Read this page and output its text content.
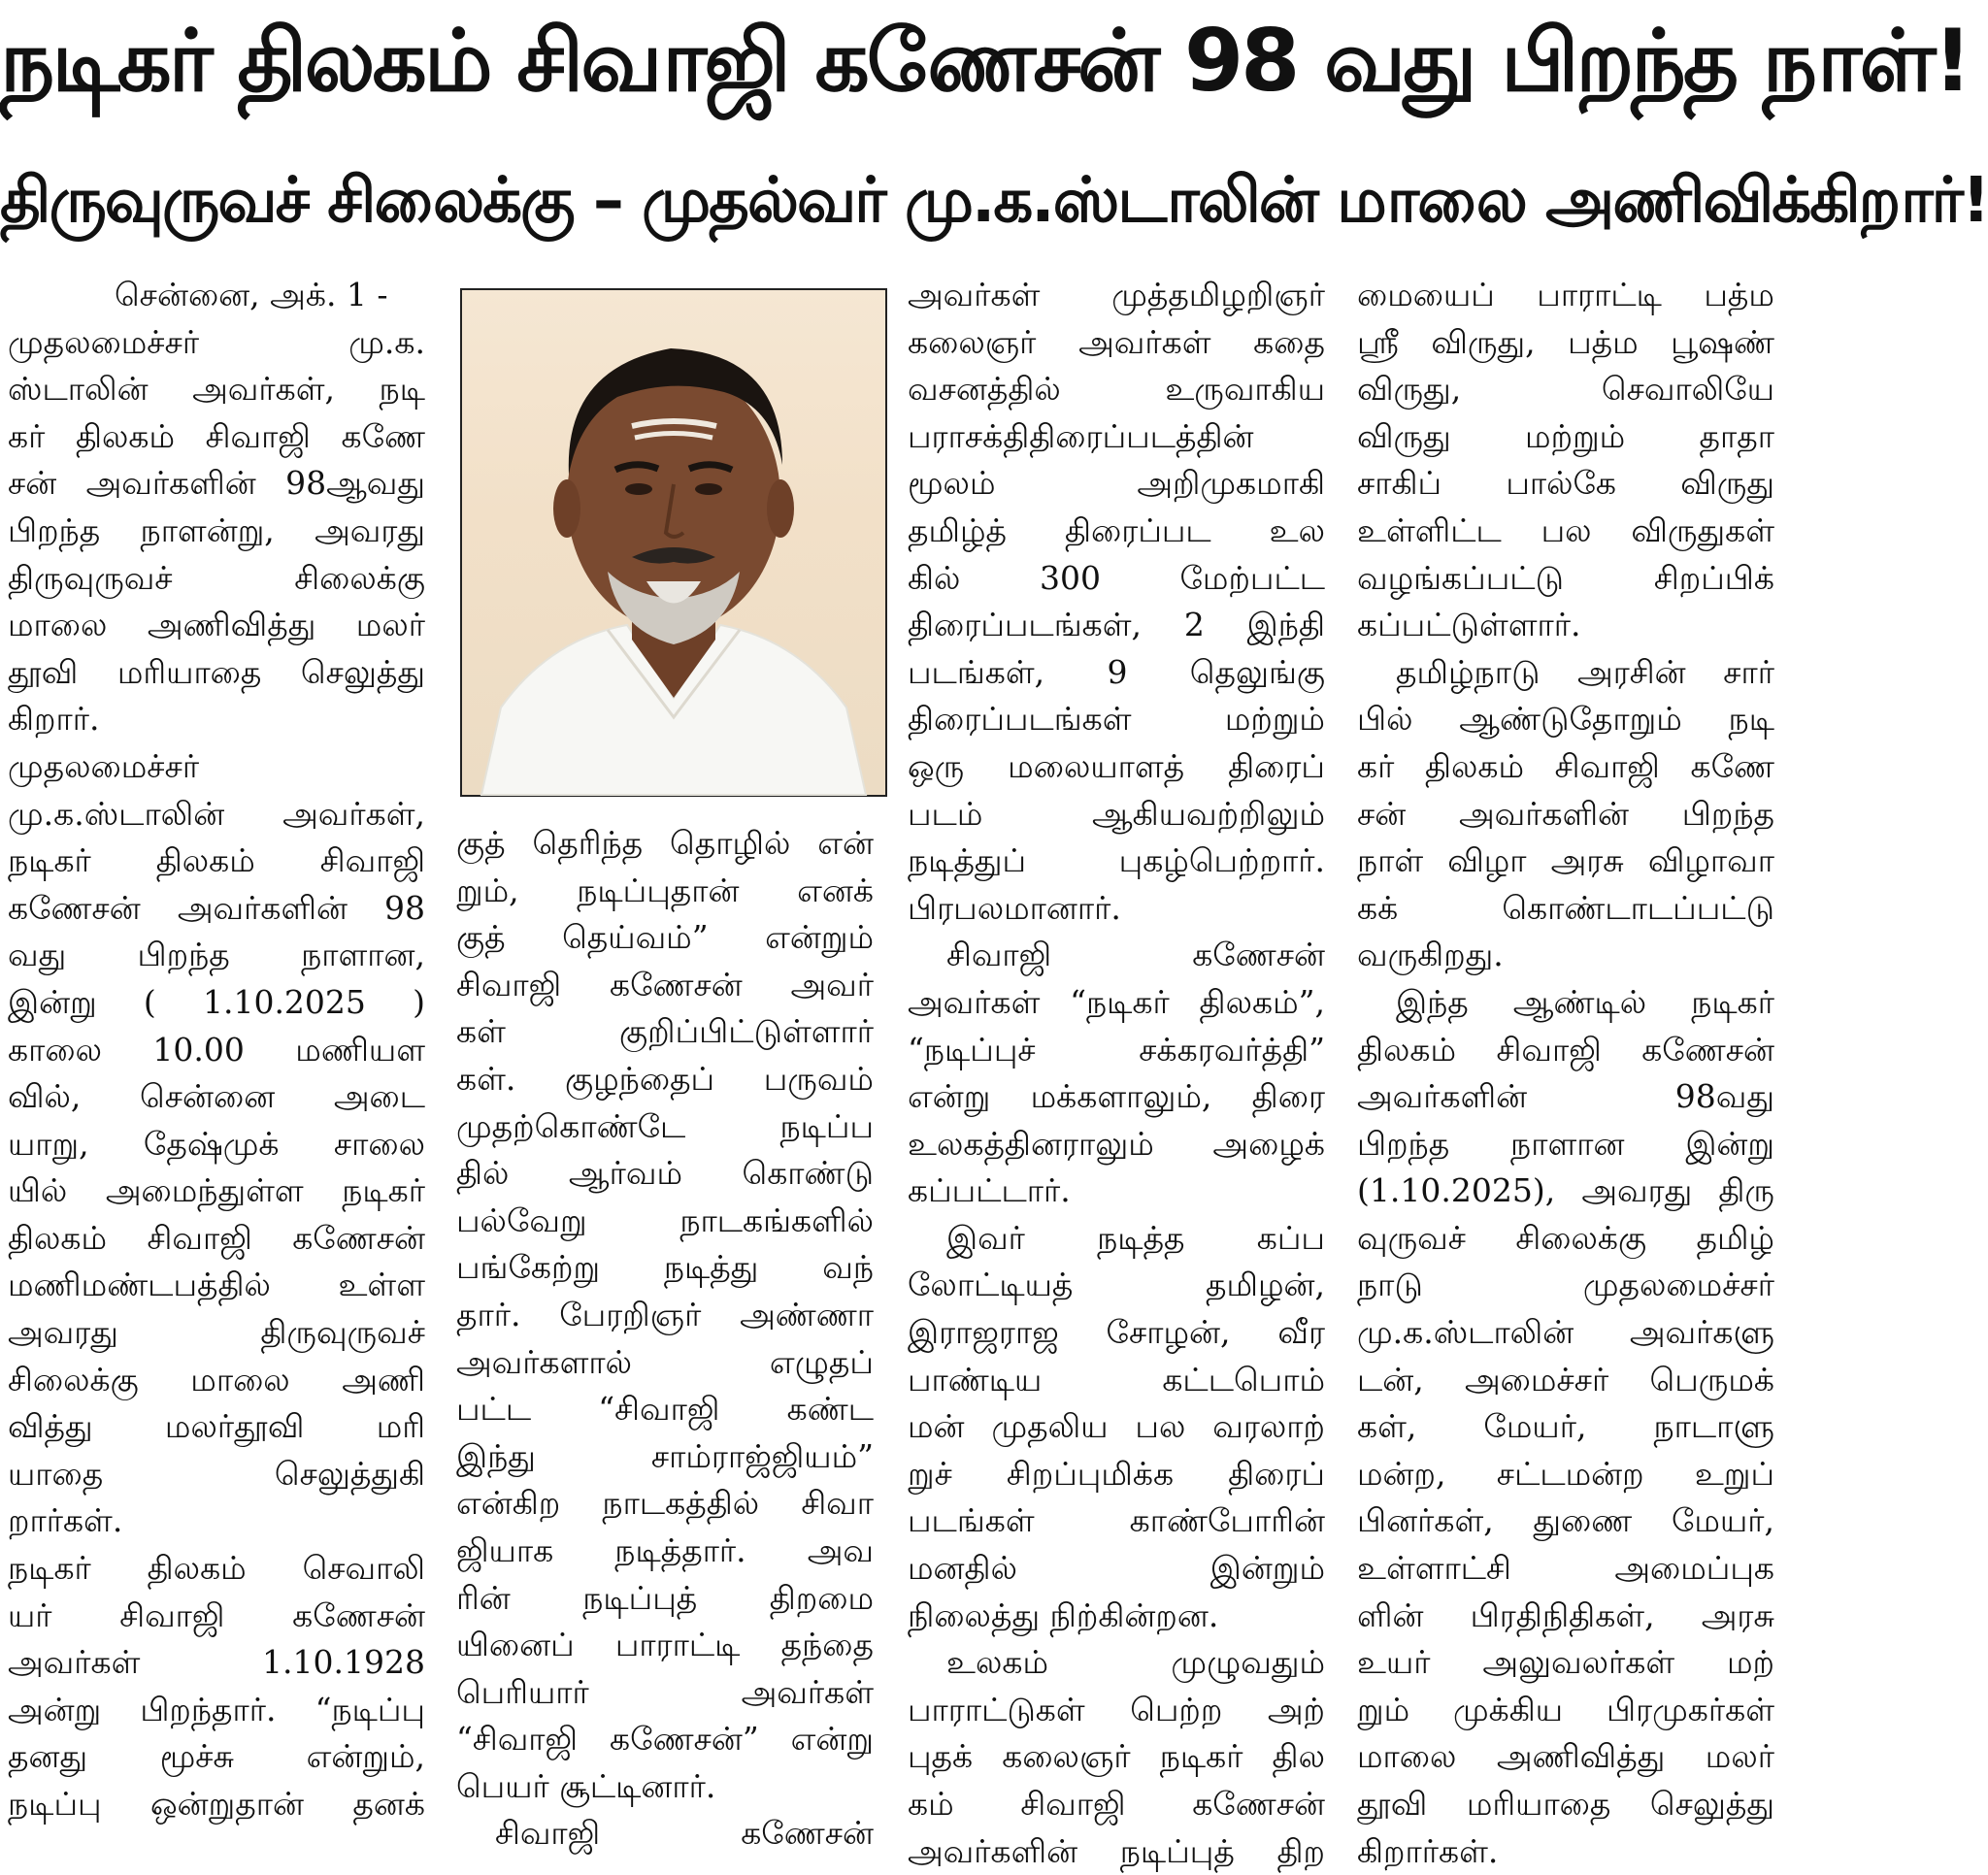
நடிகர் திலகம் சிவாஜி கணேசன் 98 வது பிறந்த நாள்!
திருவுருவச் சிலைக்கு – முதல்வர் மு.க.ஸ்டாலின் மாலை அணிவிக்கிறார்!
சென்னை, அக். 1 -
முதலமைச்சர் மு.க.
ஸ்டாலின் அவர்கள், நடி
கர் திலகம் சிவாஜி கணே
சன் அவர்களின் 98ஆவது
பிறந்த நாளன்று, அவரது
திருவுருவச் சிலைக்கு
மாலை அணிவித்து மலர்
தூவி மரியாதை செலுத்து
கிறார்.
முதலமைச்சர்
மு.க.ஸ்டாலின் அவர்கள்,
நடிகர் திலகம் சிவாஜி
கணேசன் அவர்களின் 98
வது பிறந்த நாளான,
இன்று ( 1.10.2025 )
காலை 10.00 மணியள
வில், சென்னை அடை
யாறு, தேஷ்முக் சாலை
யில் அமைந்துள்ள நடிகர்
திலகம் சிவாஜி கணேசன்
மணிமண்டபத்தில் உள்ள
அவரது திருவுருவச்
சிலைக்கு மாலை அணி
வித்து மலர்தூவி மரி
யாதை செலுத்துகி
றார்கள்.
நடிகர் திலகம் செவாலி
யர் சிவாஜி கணேசன்
அவர்கள் 1.10.1928
அன்று பிறந்தார். “நடிப்பு
தனது மூச்சு என்றும்,
நடிப்பு ஒன்றுதான் தனக்
குத் தெரிந்த தொழில் என்
றும், நடிப்புதான் எனக்
குத் தெய்வம்” என்றும்
சிவாஜி கணேசன் அவர்
கள் குறிப்பிட்டுள்ளார்
கள். குழந்தைப் பருவம்
முதற்கொண்டே நடிப்ப
தில் ஆர்வம் கொண்டு
பல்வேறு நாடகங்களில்
பங்கேற்று நடித்து வந்
தார். பேரறிஞர் அண்ணா
அவர்களால் எழுதப்
பட்ட “சிவாஜி கண்ட
இந்து சாம்ராஜ்ஜியம்”
என்கிற நாடகத்தில் சிவா
ஜியாக நடித்தார். அவ
ரின் நடிப்புத் திறமை
யினைப் பாராட்டி தந்தை
பெரியார் அவர்கள்
“சிவாஜி கணேசன்” என்று
பெயர் சூட்டினார்.
சிவாஜி கணேசன்
அவர்கள் முத்தமிழறிஞர்
கலைஞர் அவர்கள் கதை
வசனத்தில் உருவாகிய
பராசக்திதிரைப்படத்தின்
மூலம் அறிமுகமாகி
தமிழ்த் திரைப்பட உல
கில் 300 மேற்பட்ட
திரைப்படங்கள், 2 இந்தி
படங்கள், 9 தெலுங்கு
திரைப்படங்கள் மற்றும்
ஒரு மலையாளத் திரைப்
படம் ஆகியவற்றிலும்
நடித்துப் புகழ்பெற்றார்.
பிரபலமானார்.
சிவாஜி கணேசன்
அவர்கள் “நடிகர் திலகம்”,
“நடிப்புச் சக்கரவர்த்தி”
என்று மக்களாலும், திரை
உலகத்தினராலும் அழைக்
கப்பட்டார்.
இவர் நடித்த கப்ப
லோட்டியத் தமிழன்,
இராஜராஜ சோழன், வீர
பாண்டிய கட்டபொம்
மன் முதலிய பல வரலாற்
றுச் சிறப்புமிக்க திரைப்
படங்கள் காண்போரின்
மனதில் இன்றும்
நிலைத்து நிற்கின்றன.
உலகம் முழுவதும்
பாராட்டுகள் பெற்ற அற்
புதக் கலைஞர் நடிகர் தில
கம் சிவாஜி கணேசன்
அவர்களின் நடிப்புத் திற
மையைப் பாராட்டி பத்ம
ஸ்ரீ விருது, பத்ம பூஷண்
விருது, செவாலியே
விருது மற்றும் தாதா
சாகிப் பால்கே விருது
உள்ளிட்ட பல விருதுகள்
வழங்கப்பட்டு சிறப்பிக்
கப்பட்டுள்ளார்.
தமிழ்நாடு அரசின் சார்
பில் ஆண்டுதோறும் நடி
கர் திலகம் சிவாஜி கணே
சன் அவர்களின் பிறந்த
நாள் விழா அரசு விழாவா
கக் கொண்டாடப்பட்டு
வருகிறது.
இந்த ஆண்டில் நடிகர்
திலகம் சிவாஜி கணேசன்
அவர்களின் 98வது
பிறந்த நாளான இன்று
(1.10.2025), அவரது திரு
வுருவச் சிலைக்கு தமிழ்
நாடு முதலமைச்சர்
மு.க.ஸ்டாலின் அவர்களு
டன், அமைச்சர் பெருமக்
கள், மேயர், நாடாளு
மன்ற, சட்டமன்ற உறுப்
பினர்கள், துணை மேயர்,
உள்ளாட்சி அமைப்புக
ளின் பிரதிநிதிகள், அரசு
உயர் அலுவலர்கள் மற்
றும் முக்கிய பிரமுகர்கள்
மாலை அணிவித்து மலர்
தூவி மரியாதை செலுத்து
கிறார்கள்.
